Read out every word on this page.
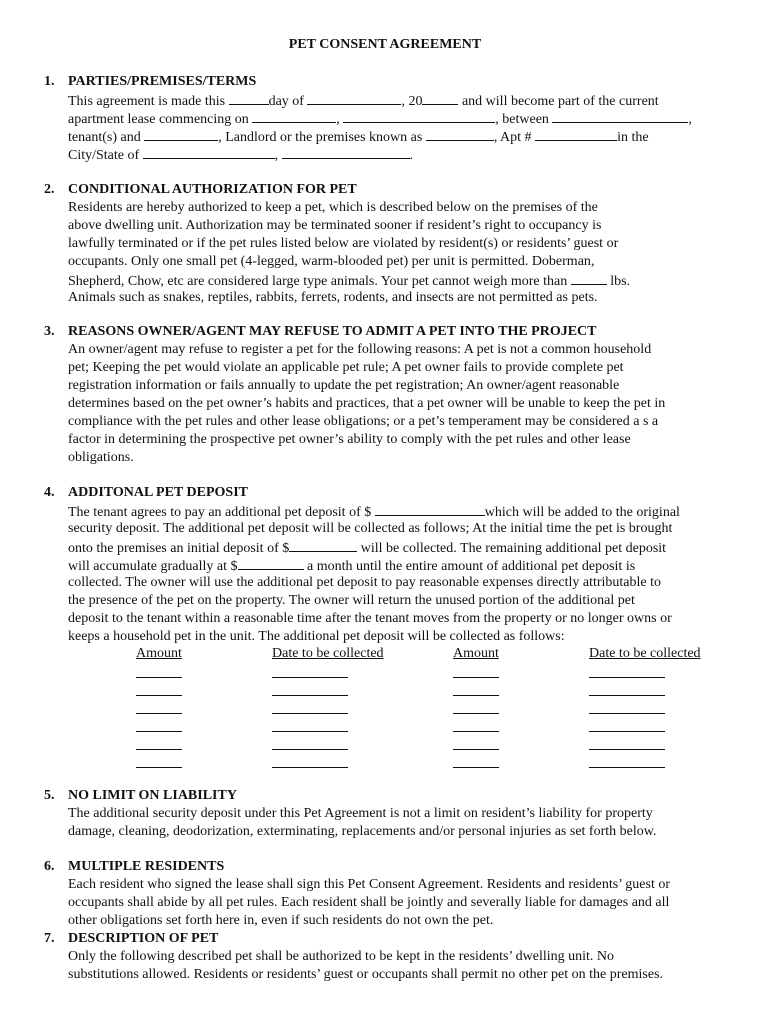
PET CONSENT AGREEMENT
1. PARTIES/PREMISES/TERMS
This agreement is made this	day of	, 20	and will become part of the current
apartment lease commencing on	,	, between	,
tenant(s) and	, Landlord or the premises known as	, Apt #	in the
City/State of	,	.
2. CONDITIONAL AUTHORIZATION FOR PET
Residents are hereby authorized to keep a pet, which is described below on the premises of the
above dwelling unit. Authorization may be terminated sooner if resident’s right to occupancy is
lawfully terminated or if the pet rules listed below are violated by resident(s) or residents’ guest or
occupants. Only one small pet (4-legged, warm-blooded pet) per unit is permitted. Doberman,
Shepherd, Chow, etc are considered large type animals. Your pet cannot weigh more than	lbs.
Animals such as snakes, reptiles, rabbits, ferrets, rodents, and insects are not permitted as pets.
3. REASONS OWNER/AGENT MAY REFUSE TO ADMIT A PET INTO THE PROJECT
An owner/agent may refuse to register a pet for the following reasons: A pet is not a common household
pet; Keeping the pet would violate an applicable pet rule; A pet owner fails to provide complete pet
registration information or fails annually to update the pet registration; An owner/agent reasonable
determines based on the pet owner’s habits and practices, that a pet owner will be unable to keep the pet in
compliance with the pet rules and other lease obligations; or a pet’s temperament may be considered a s a
factor in determining the prospective pet owner’s ability to comply with the pet rules and other lease
obligations.
4. ADDITONAL PET DEPOSIT
The tenant agrees to pay an additional pet deposit of $	which will be added to the original
security deposit. The additional pet deposit will be collected as follows; At the initial time the pet is brought
onto the premises an initial deposit of $	will be collected. The remaining additional pet deposit
will accumulate gradually at $	a month until the entire amount of additional pet deposit is
collected. The owner will use the additional pet deposit to pay reasonable expenses directly attributable to
the presence of the pet on the property. The owner will return the unused portion of the additional pet
deposit to the tenant within a reasonable time after the tenant moves from the property or no longer owns or
keeps a household pet in the unit. The additional pet deposit will be collected as follows:
Amount	Date to be collected	Amount	Date to be collected
5. NO LIMIT ON LIABILITY
The additional security deposit under this Pet Agreement is not a limit on resident’s liability for property
damage, cleaning, deodorization, exterminating, replacements and/or personal injuries as set forth below.
6. MULTIPLE RESIDENTS
Each resident who signed the lease shall sign this Pet Consent Agreement. Residents and residents’ guest or
occupants shall abide by all pet rules. Each resident shall be jointly and severally liable for damages and all
other obligations set forth here in, even if such residents do not own the pet.
7. DESCRIPTION OF PET
Only the following described pet shall be authorized to be kept in the residents’ dwelling unit. No
substitutions allowed. Residents or residents’ guest or occupants shall permit no other pet on the premises.
